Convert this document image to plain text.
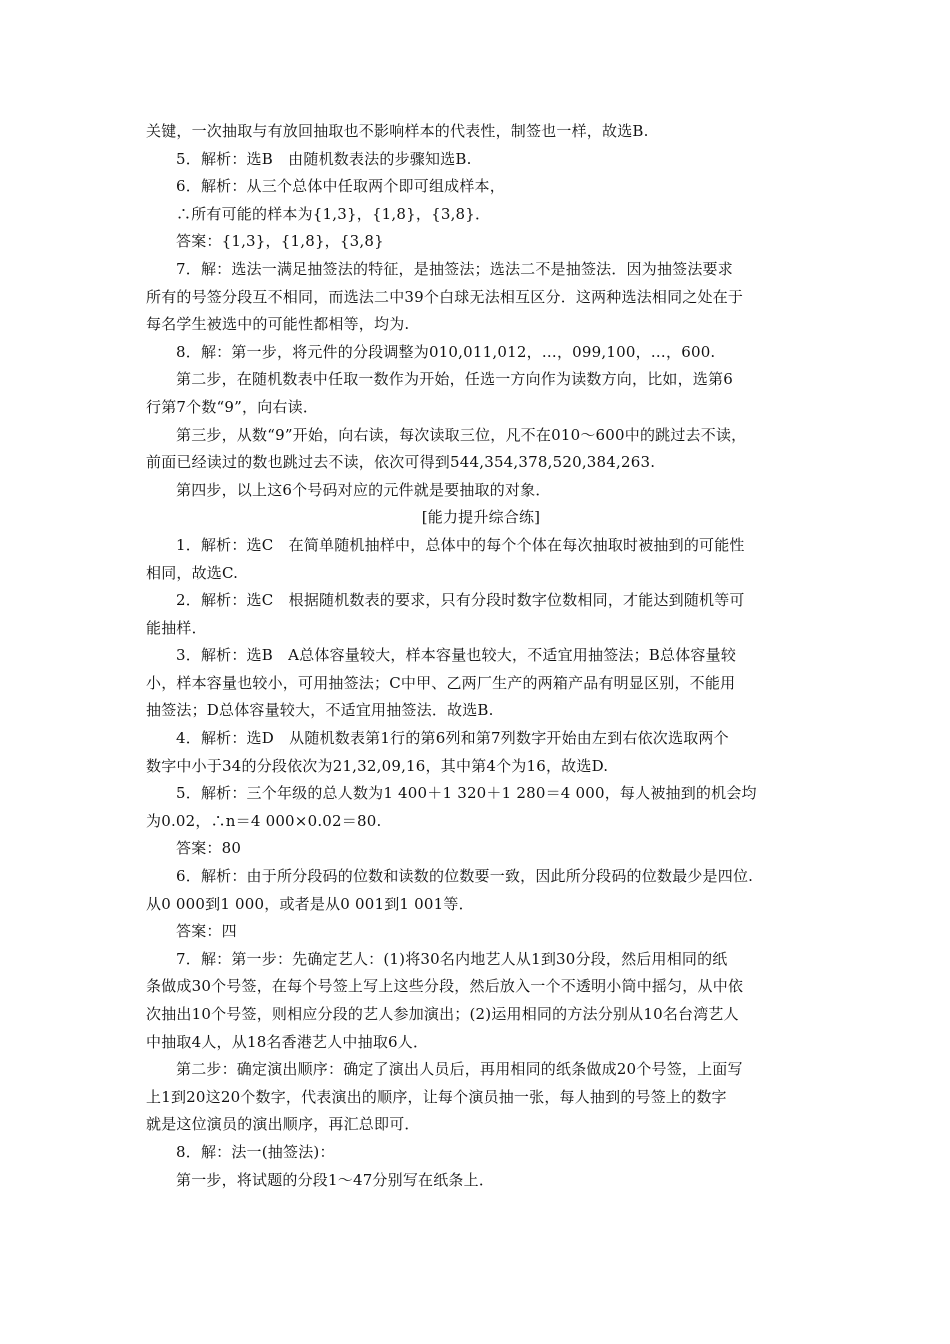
关键，一次抽取与有放回抽取也不影响样本的代表性，制签也一样，故选B.
5．解析：选B　由随机数表法的步骤知选B.
6．解析：从三个总体中任取两个即可组成样本，
∴所有可能的样本为{1,3}，{1,8}，{3,8}．
答案：{1,3}，{1,8}，{3,8}
7．解：选法一满足抽签法的特征，是抽签法；选法二不是抽签法．因为抽签法要求
所有的号签分段互不相同，而选法二中39个白球无法相互区分．这两种选法相同之处在于
每名学生被选中的可能性都相等，均为.
8．解：第一步，将元件的分段调整为010,011,012，…，099,100，…，600.
第二步，在随机数表中任取一数作为开始，任选一方向作为读数方向，比如，选第6
行第7个数“9”，向右读．
第三步，从数“9”开始，向右读，每次读取三位，凡不在010～600中的跳过去不读，
前面已经读过的数也跳过去不读，依次可得到544,354,378,520,384,263.
第四步，以上这6个号码对应的元件就是要抽取的对象．
[能力提升综合练]
1．解析：选C　在简单随机抽样中，总体中的每个个体在每次抽取时被抽到的可能性
相同，故选C.
2．解析：选C　根据随机数表的要求，只有分段时数字位数相同，才能达到随机等可
能抽样．
3．解析：选B　A总体容量较大，样本容量也较大，不适宜用抽签法；B总体容量较
小，样本容量也较小，可用抽签法；C中甲、乙两厂生产的两箱产品有明显区别，不能用
抽签法；D总体容量较大，不适宜用抽签法．故选B.
4．解析：选D　从随机数表第1行的第6列和第7列数字开始由左到右依次选取两个
数字中小于34的分段依次为21,32,09,16，其中第4个为16，故选D.
5．解析：三个年级的总人数为1 400＋1 320＋1 280＝4 000，每人被抽到的机会均
为0.02，∴n＝4 000×0.02＝80.
答案：80
6．解析：由于所分段码的位数和读数的位数要一致，因此所分段码的位数最少是四位.
从0 000到1 000，或者是从0 001到1 001等．
答案：四
7．解：第一步：先确定艺人：(1)将30名内地艺人从1到30分段，然后用相同的纸
条做成30个号签，在每个号签上写上这些分段，然后放入一个不透明小筒中摇匀，从中依
次抽出10个号签，则相应分段的艺人参加演出；(2)运用相同的方法分别从10名台湾艺人
中抽取4人，从18名香港艺人中抽取6人．
第二步：确定演出顺序：确定了演出人员后，再用相同的纸条做成20个号签，上面写
上1到20这20个数字，代表演出的顺序，让每个演员抽一张，每人抽到的号签上的数字
就是这位演员的演出顺序，再汇总即可．
8．解：法一(抽签法)：
第一步，将试题的分段1～47分别写在纸条上．
